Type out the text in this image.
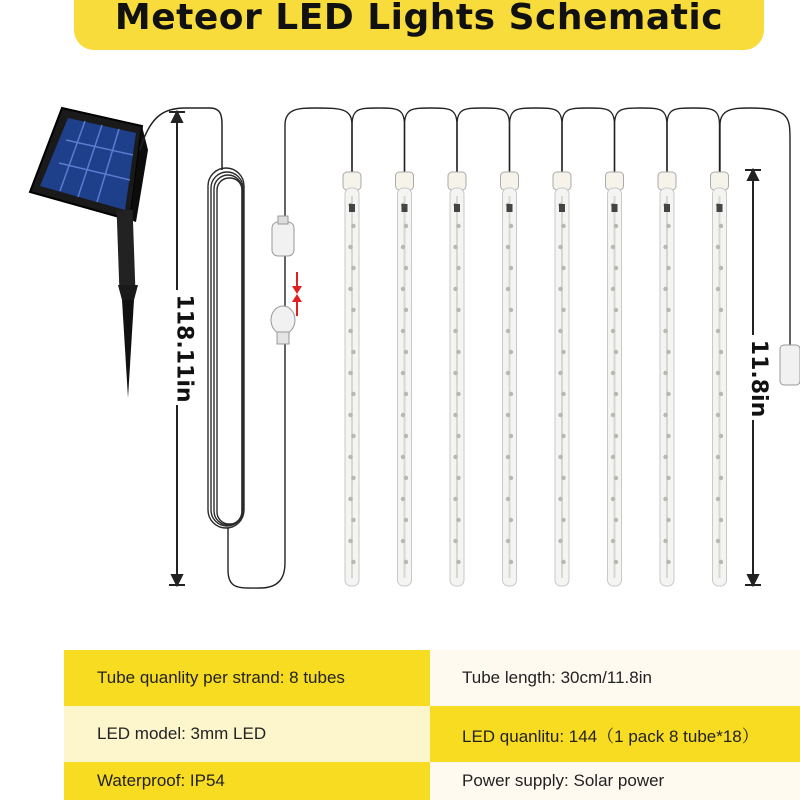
Meteor LED Lights Schematic
118.11in	11.8in
Tube quanlity per strand: 8 tubes	Tube length: 30cm/11.8in
LED model: 3mm LED	LED quanlitu: 144（1 pack 8 tube*18）
Waterproof: IP54	Power supply: Solar power
